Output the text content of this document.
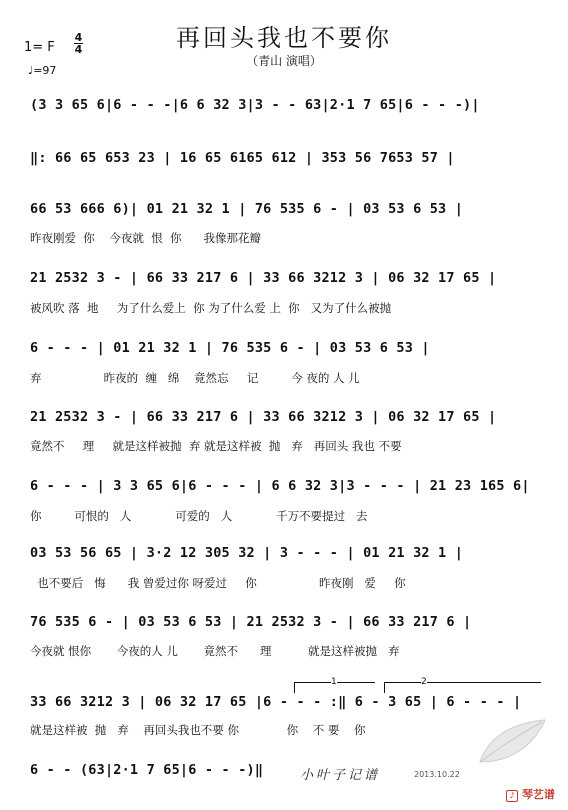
再回头我也不要你
（青山 演唱）
1= F
4
4
♩=97
(3 3 65 6|6 - - -|6 6 32 3|3 - - 63|2·1 7 65|6 - - -)|
‖: 66 65 653 23 | 16 65 6165 612 | 353 56 7653 57 |
66 53 666 6)| 01 21 32 1 | 76 535 6 - | 03 53 6 53 |
昨夜刚爱  你    今夜就  恨  你      我像那花瓣
21 2532 3 - | 66 33 217 6 | 33 66 3212 3 | 06 32 17 65 |
被风吹 落  地     为了什么爱上  你 为了什么爱 上  你   又为了什么被抛
6 - - - | 01 21 32 1 | 76 535 6 - | 03 53 6 53 |
弃                 昨夜的  缠   绵    竟然忘     记         今 夜的 人 儿
21 2532 3 - | 66 33 217 6 | 33 66 3212 3 | 06 32 17 65 |
竟然不     理     就是这样被抛  弃 就是这样被  抛   弃   再回头 我也 不要
6 - - - | 3 3 65 6|6 - - - | 6 6 32 3|3 - - - | 21 23 165 6|
你         可恨的   人            可爱的   人            千万不要提过   去
03 53 56 65 | 3·2 12 305 32 | 3 - - - | 01 21 32 1 |
也不要后   悔      我 曾爱过你 呀爱过     你                 昨夜刚   爱     你
76 535 6 - | 03 53 6 53 | 21 2532 3 - | 66 33 217 6 |
今夜就 恨你       今夜的人 儿       竟然不      理          就是这样被抛   弃
1	2
33 66 3212 3 | 06 32 17 65 |6 - - - :‖ 6 - 3 65 | 6 - - - |
就是这样被  抛   弃    再回头我也不要 你             你    不 要    你
6 - - (63|2·1 7 65|6 - - -)‖	小叶子记谱	2013.10.22
♪ 琴艺谱
